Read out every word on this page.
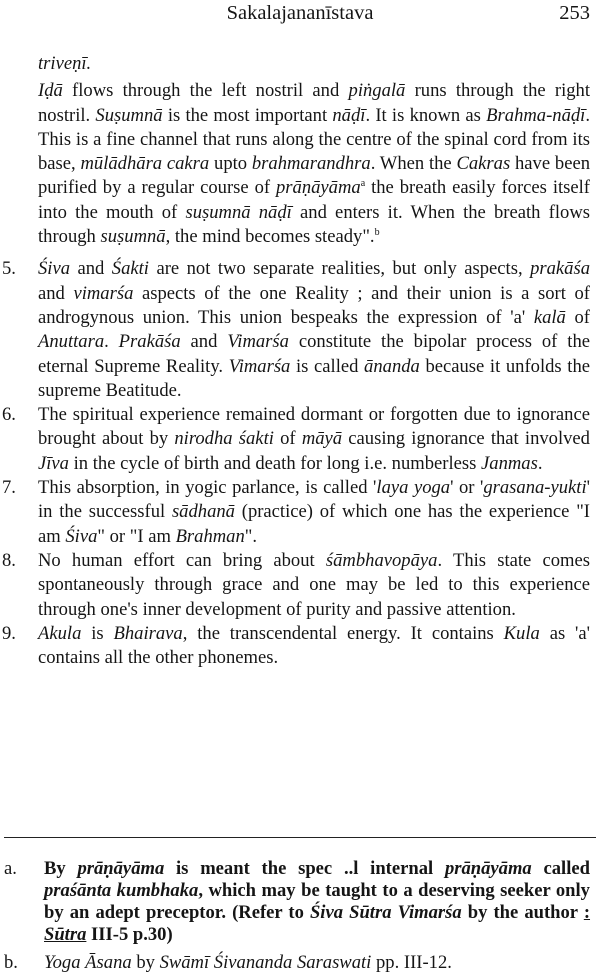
Sakalajananīstava	253

triveṇī.

Iḍā flows through the left nostril and piṅgalā runs through the right nostril. Suṣumnā is the most important nāḍī. It is known as Brahma-nāḍī. This is a fine channel that runs along the centre of the spinal cord from its base, mūlādhāra cakra upto brahmarandhra. When the Cakras have been purified by a regular course of prāṇāyāma$^a$ the breath easily forces itself into the mouth of suṣumnā nāḍī and enters it. When the breath flows through suṣumnā, the mind becomes steady".$^b$

5.	Śiva and Śakti are not two separate realities, but only aspects, prakāśa and vimarśa aspects of the one Reality ; and their union is a sort of androgynous union. This union bespeaks the expression of 'a' kalā of Anuttara. Prakāśa and Vimarśa constitute the bipolar process of the eternal Supreme Reality. Vimarśa is called ānanda because it unfolds the supreme Beatitude.

6.	The spiritual experience remained dormant or forgotten due to ignorance brought about by nirodha śakti of māyā causing ignorance that involved Jīva in the cycle of birth and death for long i.e. numberless Janmas.

7.	This absorption, in yogic parlance, is called 'laya yoga' or 'grasana-yukti' in the successful sādhanā (practice) of which one has the experience "I am Śiva" or "I am Brahman".

8.	No human effort can bring about śāmbhavopāya. This state comes spontaneously through grace and one may be led to this experience through one's inner development of purity and passive attention.

9.	Akula is Bhairava, the transcendental energy. It contains Kula as 'a' contains all the other phonemes.

a.	By prāṇāyāma is meant the spec ..l internal prāṇāyāma called praśānta kumbhaka, which may be taught to a deserving seeker only by an adept preceptor. (Refer to Śiva Sūtra Vimarśa by the author : Sūtra III-5 p.30)

b.	Yoga Āsana by Swāmī Śivananda Saraswati pp. III-12.
